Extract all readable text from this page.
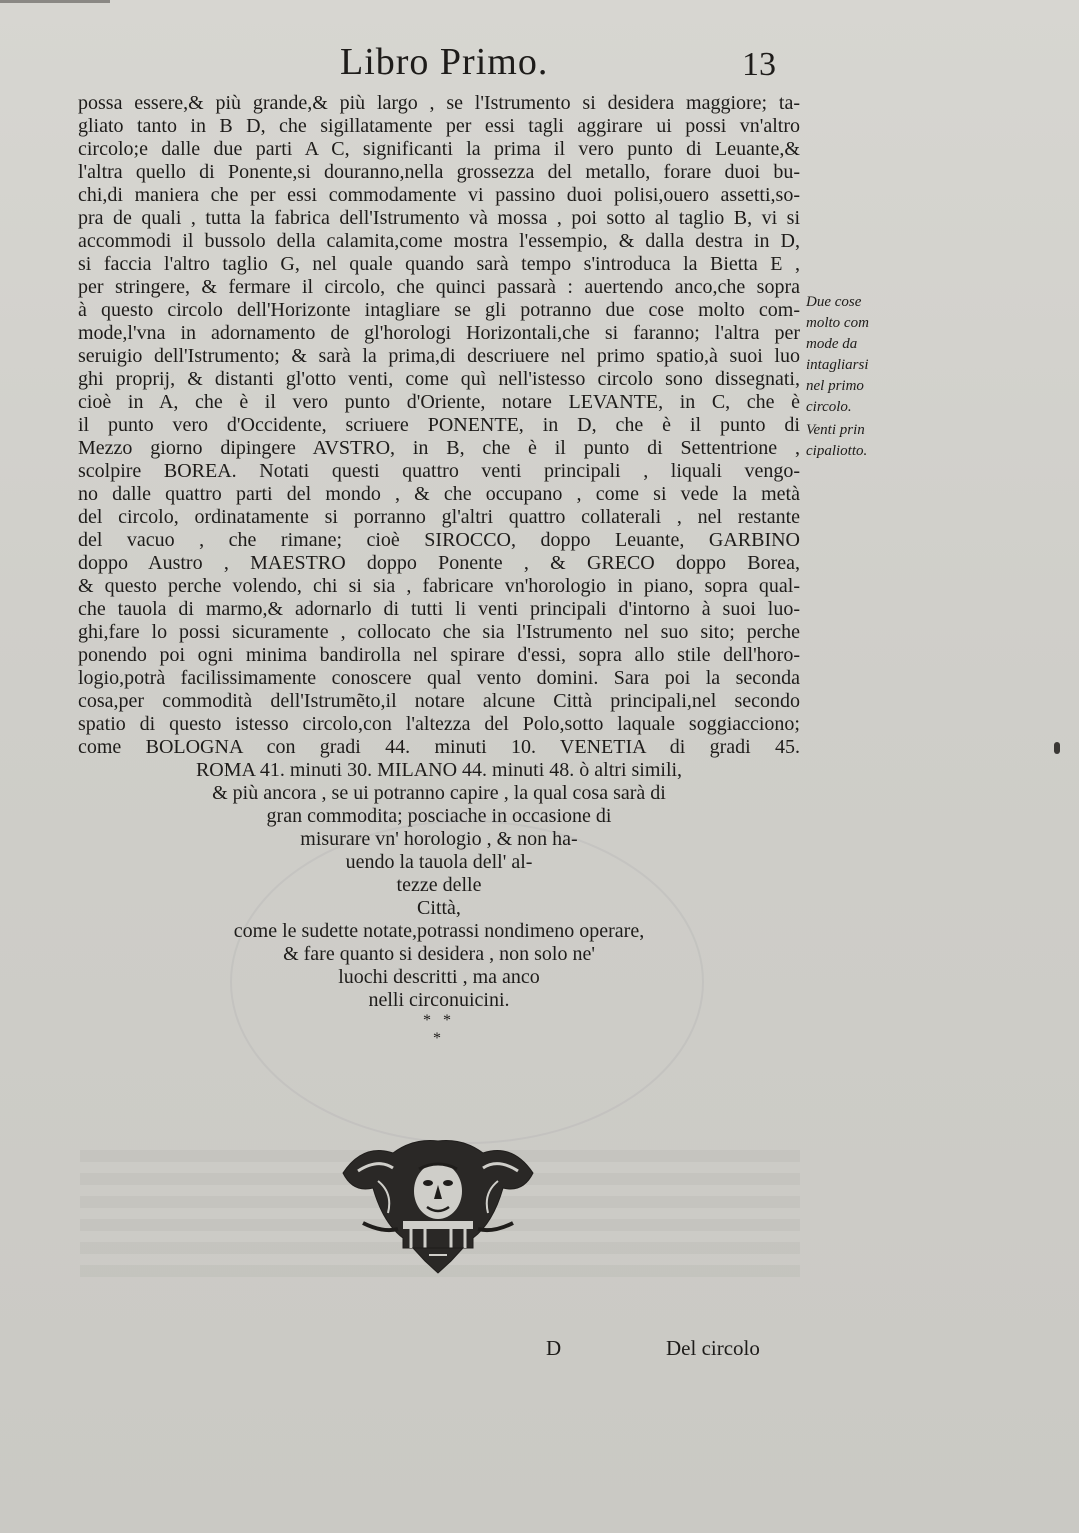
Libro Primo.	13
possa essere,& più grande,& più largo , se l'Istrumento si desidera maggiore; ta-
gliato tanto in B D, che sigillatamente per essi tagli aggirare ui possi vn'altro
circolo;e dalle due parti A C, significanti la prima il vero punto di Leuante,&
l'altra quello di Ponente,si douranno,nella grossezza del metallo, forare duoi bu-
chi,di maniera che per essi commodamente vi passino duoi polisi,ouero assetti,so-
pra de quali , tutta la fabrica dell'Istrumento và mossa , poi sotto al taglio B, vi si
accommodi il bussolo della calamita,come mostra l'essempio, & dalla destra in D,
si faccia l'altro taglio G, nel quale quando sarà tempo s'introduca la Bietta E ,
per stringere, & fermare il circolo, che quinci passarà : auertendo anco,che sopra
à questo circolo dell'Horizonte intagliare se gli potranno due cose molto com-
mode,l'vna in adornamento de gl'horologi Horizontali,che si faranno; l'altra per
seruigio dell'Istrumento; & sarà la prima,di descriuere nel primo spatio,à suoi luo
ghi proprij, & distanti gl'otto venti, come quì nell'istesso circolo sono dissegnati,
cioè in A, che è il vero punto d'Oriente, notare LEVANTE, in C, che è
il punto vero d'Occidente, scriuere PONENTE, in D, che è il punto di
Mezzo giorno dipingere AVSTRO, in B, che è il punto di Settentrione ,
scolpire BOREA. Notati questi quattro venti principali , liquali vengo-
no dalle quattro parti del mondo , & che occupano , come si vede la metà
del circolo, ordinatamente si porranno gl'altri quattro collaterali , nel restante
del vacuo , che rimane; cioè SIROCCO, doppo Leuante, GARBINO
doppo Austro , MAESTRO doppo Ponente , & GRECO doppo Borea,
& questo perche volendo, chi si sia , fabricare vn'horologio in piano, sopra qual-
che tauola di marmo,& adornarlo di tutti li venti principali d'intorno à suoi luo-
ghi,fare lo possi sicuramente , collocato che sia l'Istrumento nel suo sito; perche
ponendo poi ogni minima bandirolla nel spirare d'essi, sopra allo stile dell'horo-
logio,potrà facilissimamente conoscere qual vento domini. Sara poi la seconda
cosa,per commodità dell'Istrumẽto,il notare alcune Città principali,nel secondo
spatio di questo istesso circolo,con l'altezza del Polo,sotto laquale soggiacciono;
come BOLOGNA con gradi 44. minuti 10. VENETIA di gradi 45.
ROMA 41. minuti 30. MILANO 44. minuti 48. ò altri simili,
& più ancora , se ui potranno capire , la qual cosa sarà di
gran commodita; posciache in occasione di
misurare vn' horologio , & non ha-
uendo la tauola dell' al-
tezze delle
Città,
come le sudette notate,potrassi nondimeno operare,
& fare quanto si desidera , non solo ne'
luochi descritti , ma anco
nelli circonuicini.
* *
*
Due cose
molto com
mode da
intagliarsi
nel primo
circolo.
Venti prin
cipaliotto.
D	Del circolo
